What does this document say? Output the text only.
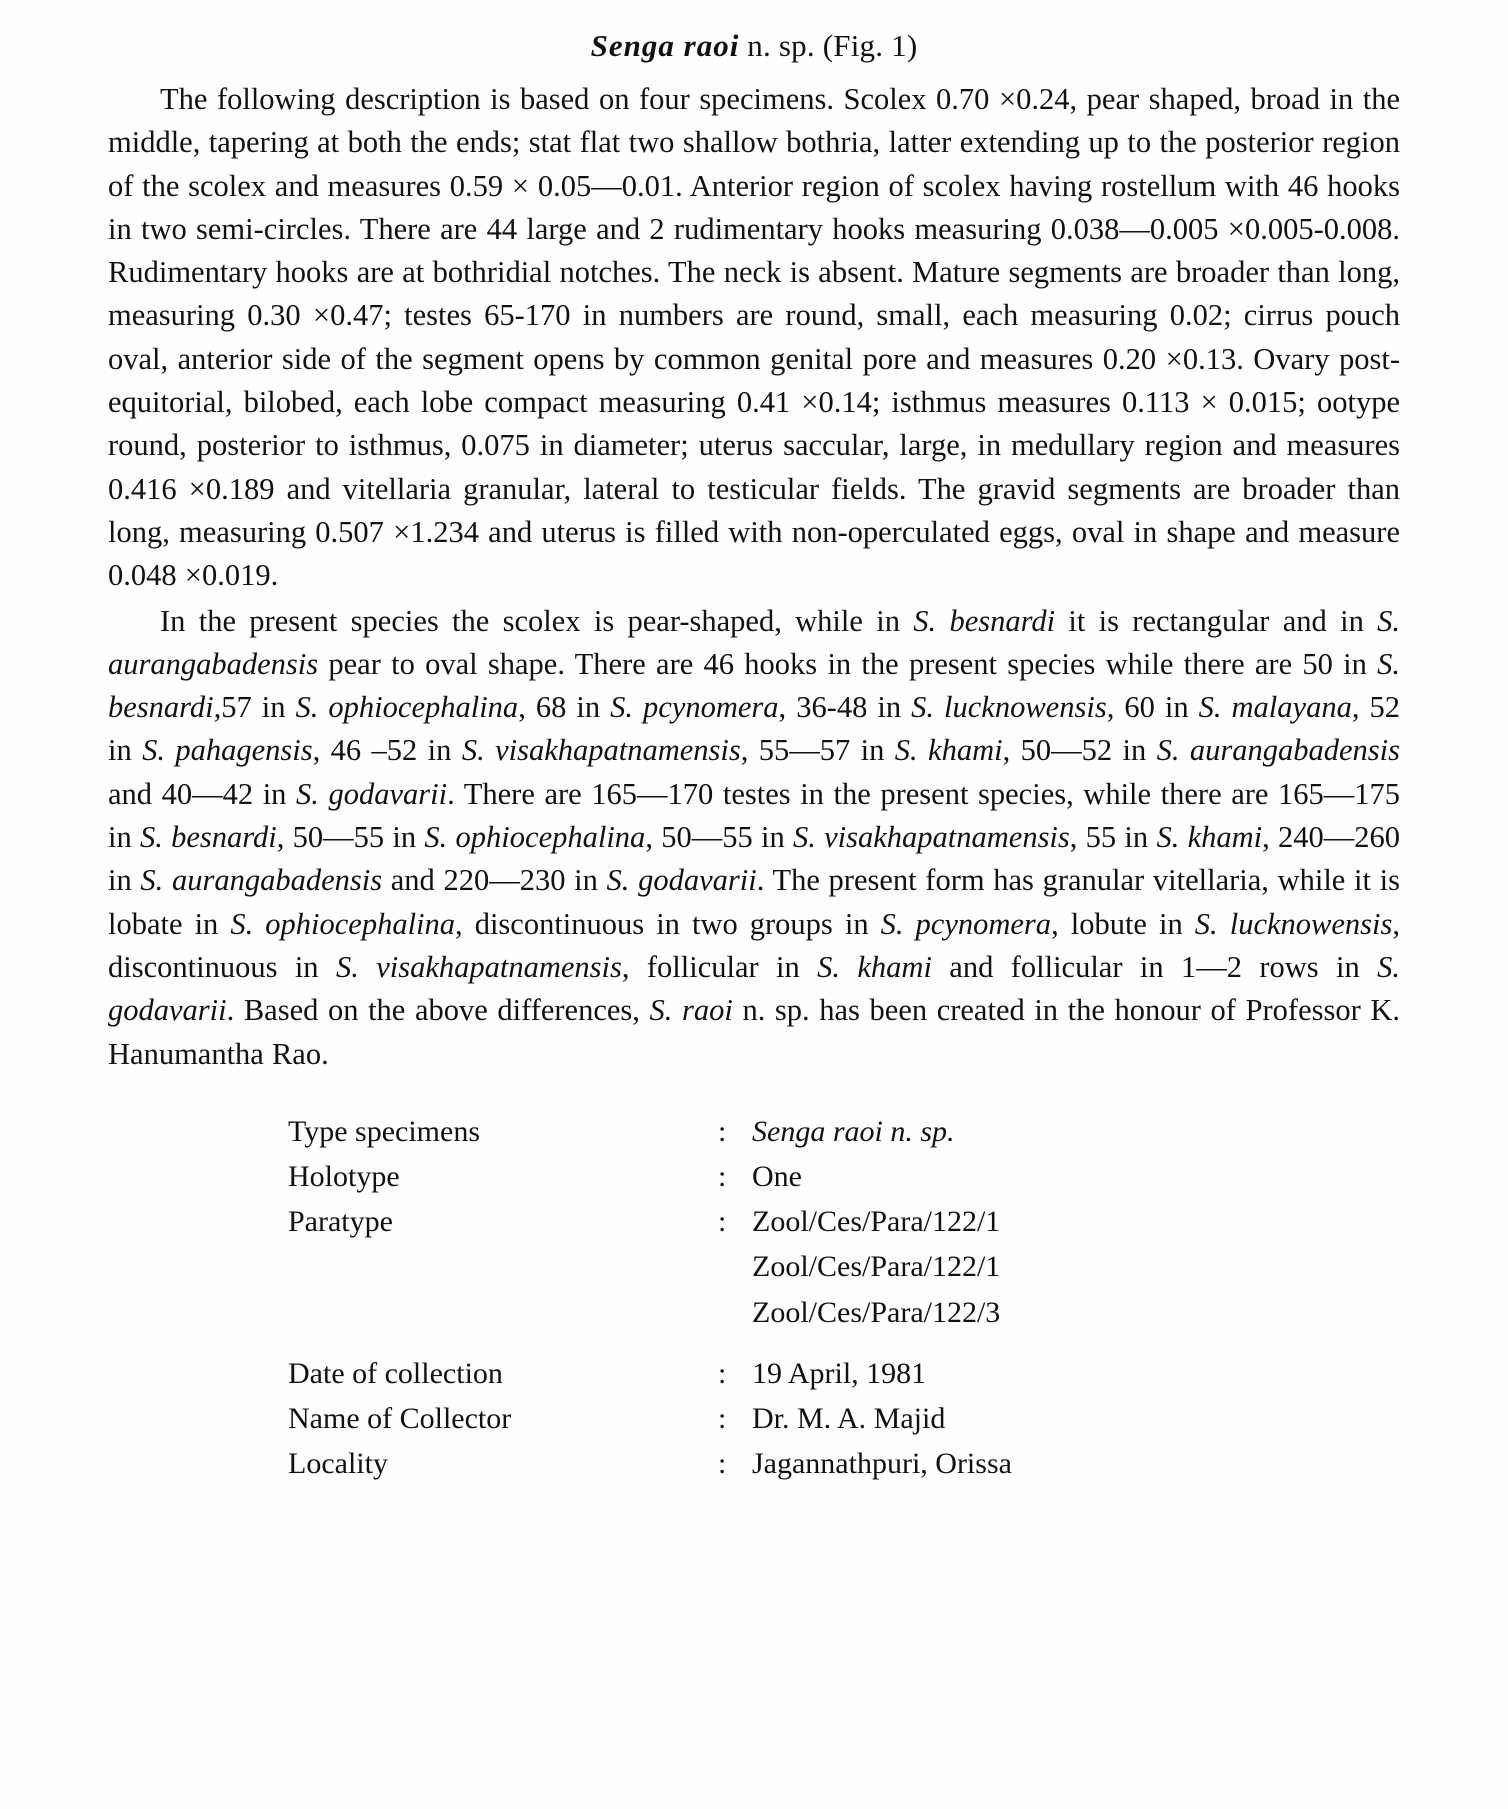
Senga raoi n. sp. (Fig. 1)

The following description is based on four specimens. Scolex 0.70 ×0.24, pear shaped, broad in the middle, tapering at both the ends; stat flat two shallow bothria, latter extending up to the posterior region of the scolex and measures 0.59 × 0.05—0.01. Anterior region of scolex having rostellum with 46 hooks in two semi-circles. There are 44 large and 2 rudimentary hooks measuring 0.038—0.005 ×0.005-0.008. Rudimentary hooks are at bothridial notches. The neck is absent. Mature segments are broader than long, measuring 0.30 ×0.47; testes 65-170 in numbers are round, small, each measuring 0.02; cirrus pouch oval, anterior side of the segment opens by common genital pore and measures 0.20 ×0.13. Ovary post-equitorial, bilobed, each lobe compact measuring 0.41 ×0.14; isthmus measures 0.113 × 0.015; ootype round, posterior to isthmus, 0.075 in diameter; uterus saccular, large, in medullary region and measures 0.416 ×0.189 and vitellaria granular, lateral to testicular fields. The gravid segments are broader than long, measuring 0.507 ×1.234 and uterus is filled with non-operculated eggs, oval in shape and measure 0.048 ×0.019.

In the present species the scolex is pear-shaped, while in S. besnardi it is rectangular and in S. aurangabadensis pear to oval shape. There are 46 hooks in the present species while there are 50 in S. besnardi,57 in S. ophiocephalina, 68 in S. pcynomera, 36-48 in S. lucknowensis, 60 in S. malayana, 52 in S. pahagensis, 46 –52 in S. visakhapatnamensis, 55—57 in S. khami, 50—52 in S. aurangabadensis and 40—42 in S. godavarii. There are 165—170 testes in the present species, while there are 165—175 in S. besnardi, 50—55 in S. ophiocephalina, 50—55 in S. visakhapatnamensis, 55 in S. khami, 240—260 in S. aurangabadensis and 220—230 in S. godavarii. The present form has granular vitellaria, while it is lobate in S. ophiocephalina, discontinuous in two groups in S. pcynomera, lobute in S. lucknowensis, discontinuous in S. visakhapatnamensis, follicular in S. khami and follicular in 1—2 rows in S. godavarii. Based on the above differences, S. raoi n. sp. has been created in the honour of Professor K. Hanumantha Rao.

Type specimens	:	Senga raoi n. sp.
Holotype	:	One
Paratype	:	Zool/Ces/Para/122/1
		Zool/Ces/Para/122/1
		Zool/Ces/Para/122/3

Date of collection	:	19 April, 1981
Name of Collector	:	Dr. M. A. Majid
Locality	:	Jagannathpuri, Orissa
